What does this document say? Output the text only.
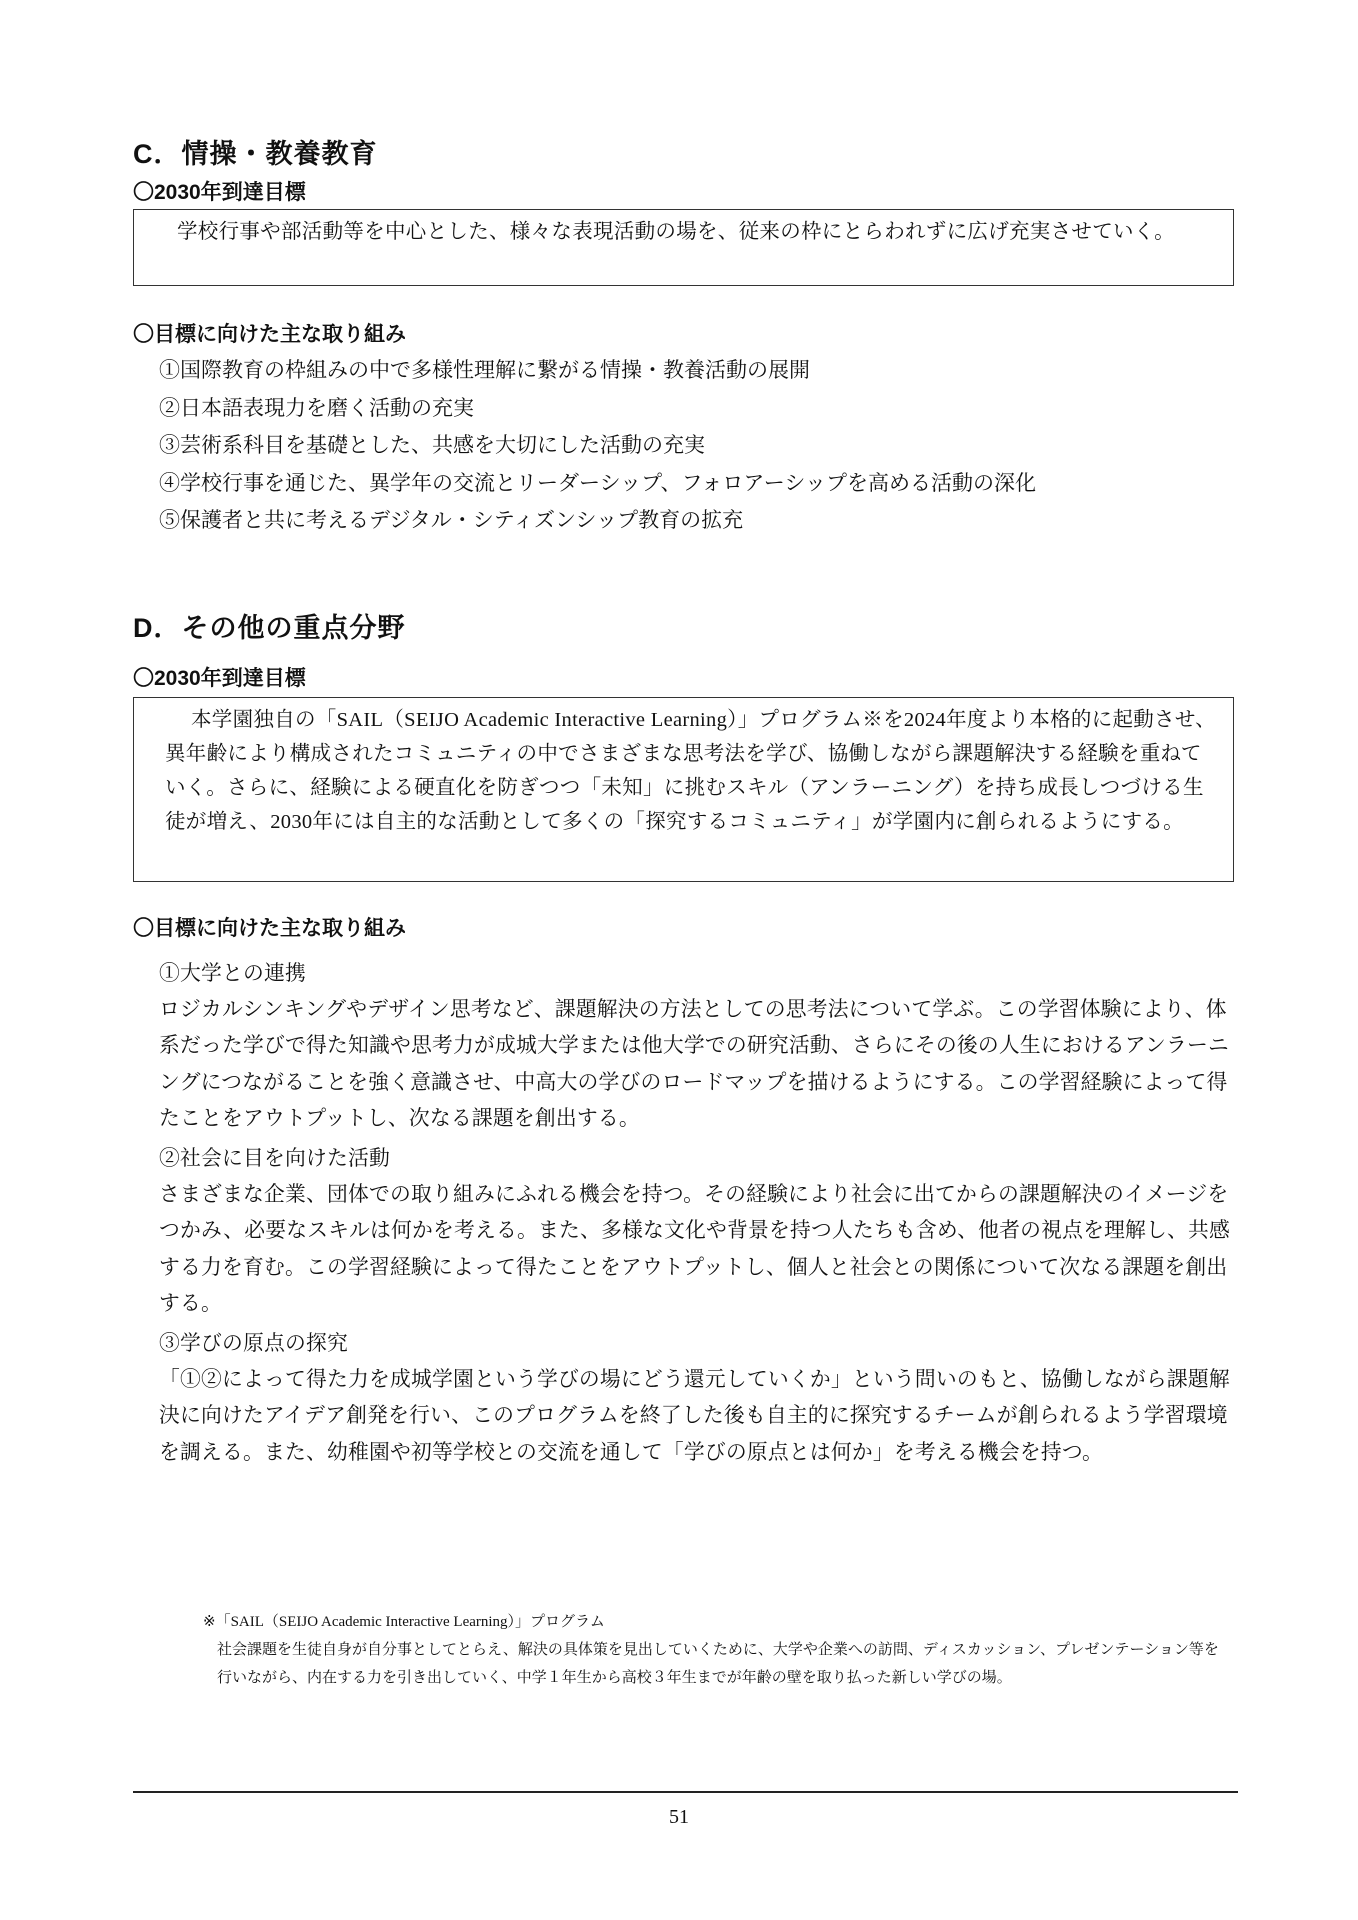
C．情操・教養教育
〇2030年到達目標

学校行事や部活動等を中心とした、様々な表現活動の場を、従来の枠にとらわれずに広げ充実させていく。

〇目標に向けた主な取り組み
①国際教育の枠組みの中で多様性理解に繋がる情操・教養活動の展開
②日本語表現力を磨く活動の充実
③芸術系科目を基礎とした、共感を大切にした活動の充実
④学校行事を通じた、異学年の交流とリーダーシップ、フォロアーシップを高める活動の深化
⑤保護者と共に考えるデジタル・シティズンシップ教育の拡充
D．その他の重点分野
〇2030年到達目標

本学園独自の「SAIL（SEIJO Academic Interactive Learning）」プログラム※を2024年度より本格的に起動させ、異年齢により構成されたコミュニティの中でさまざまな思考法を学び、協働しながら課題解決する経験を重ねていく。さらに、経験による硬直化を防ぎつつ「未知」に挑むスキル（アンラーニング）を持ち成長しつづける生徒が増え、2030年には自主的な活動として多くの「探究するコミュニティ」が学園内に創られるようにする。

〇目標に向けた主な取り組み

①大学との連携

ロジカルシンキングやデザイン思考など、課題解決の方法としての思考法について学ぶ。この学習体験により、体系だった学びで得た知識や思考力が成城大学または他大学での研究活動、さらにその後の人生におけるアンラーニングにつながることを強く意識させ、中高大の学びのロードマップを描けるようにする。この学習経験によって得たことをアウトプットし、次なる課題を創出する。

②社会に目を向けた活動

さまざまな企業、団体での取り組みにふれる機会を持つ。その経験により社会に出てからの課題解決のイメージをつかみ、必要なスキルは何かを考える。また、多様な文化や背景を持つ人たちも含め、他者の視点を理解し、共感する力を育む。この学習経験によって得たことをアウトプットし、個人と社会との関係について次なる課題を創出する。

③学びの原点の探究

「①②によって得た力を成城学園という学びの場にどう還元していくか」という問いのもと、協働しながら課題解決に向けたアイデア創発を行い、このプログラムを終了した後も自主的に探究するチームが創られるよう学習環境を調える。また、幼稚園や初等学校との交流を通して「学びの原点とは何か」を考える機会を持つ。

※「SAIL（SEIJO Academic Interactive Learning）」プログラム

社会課題を生徒自身が自分事としてとらえ、解決の具体策を見出していくために、大学や企業への訪問、ディスカッション、プレゼンテーション等を行いながら、内在する力を引き出していく、中学１年生から高校３年生までが年齢の壁を取り払った新しい学びの場。

51
